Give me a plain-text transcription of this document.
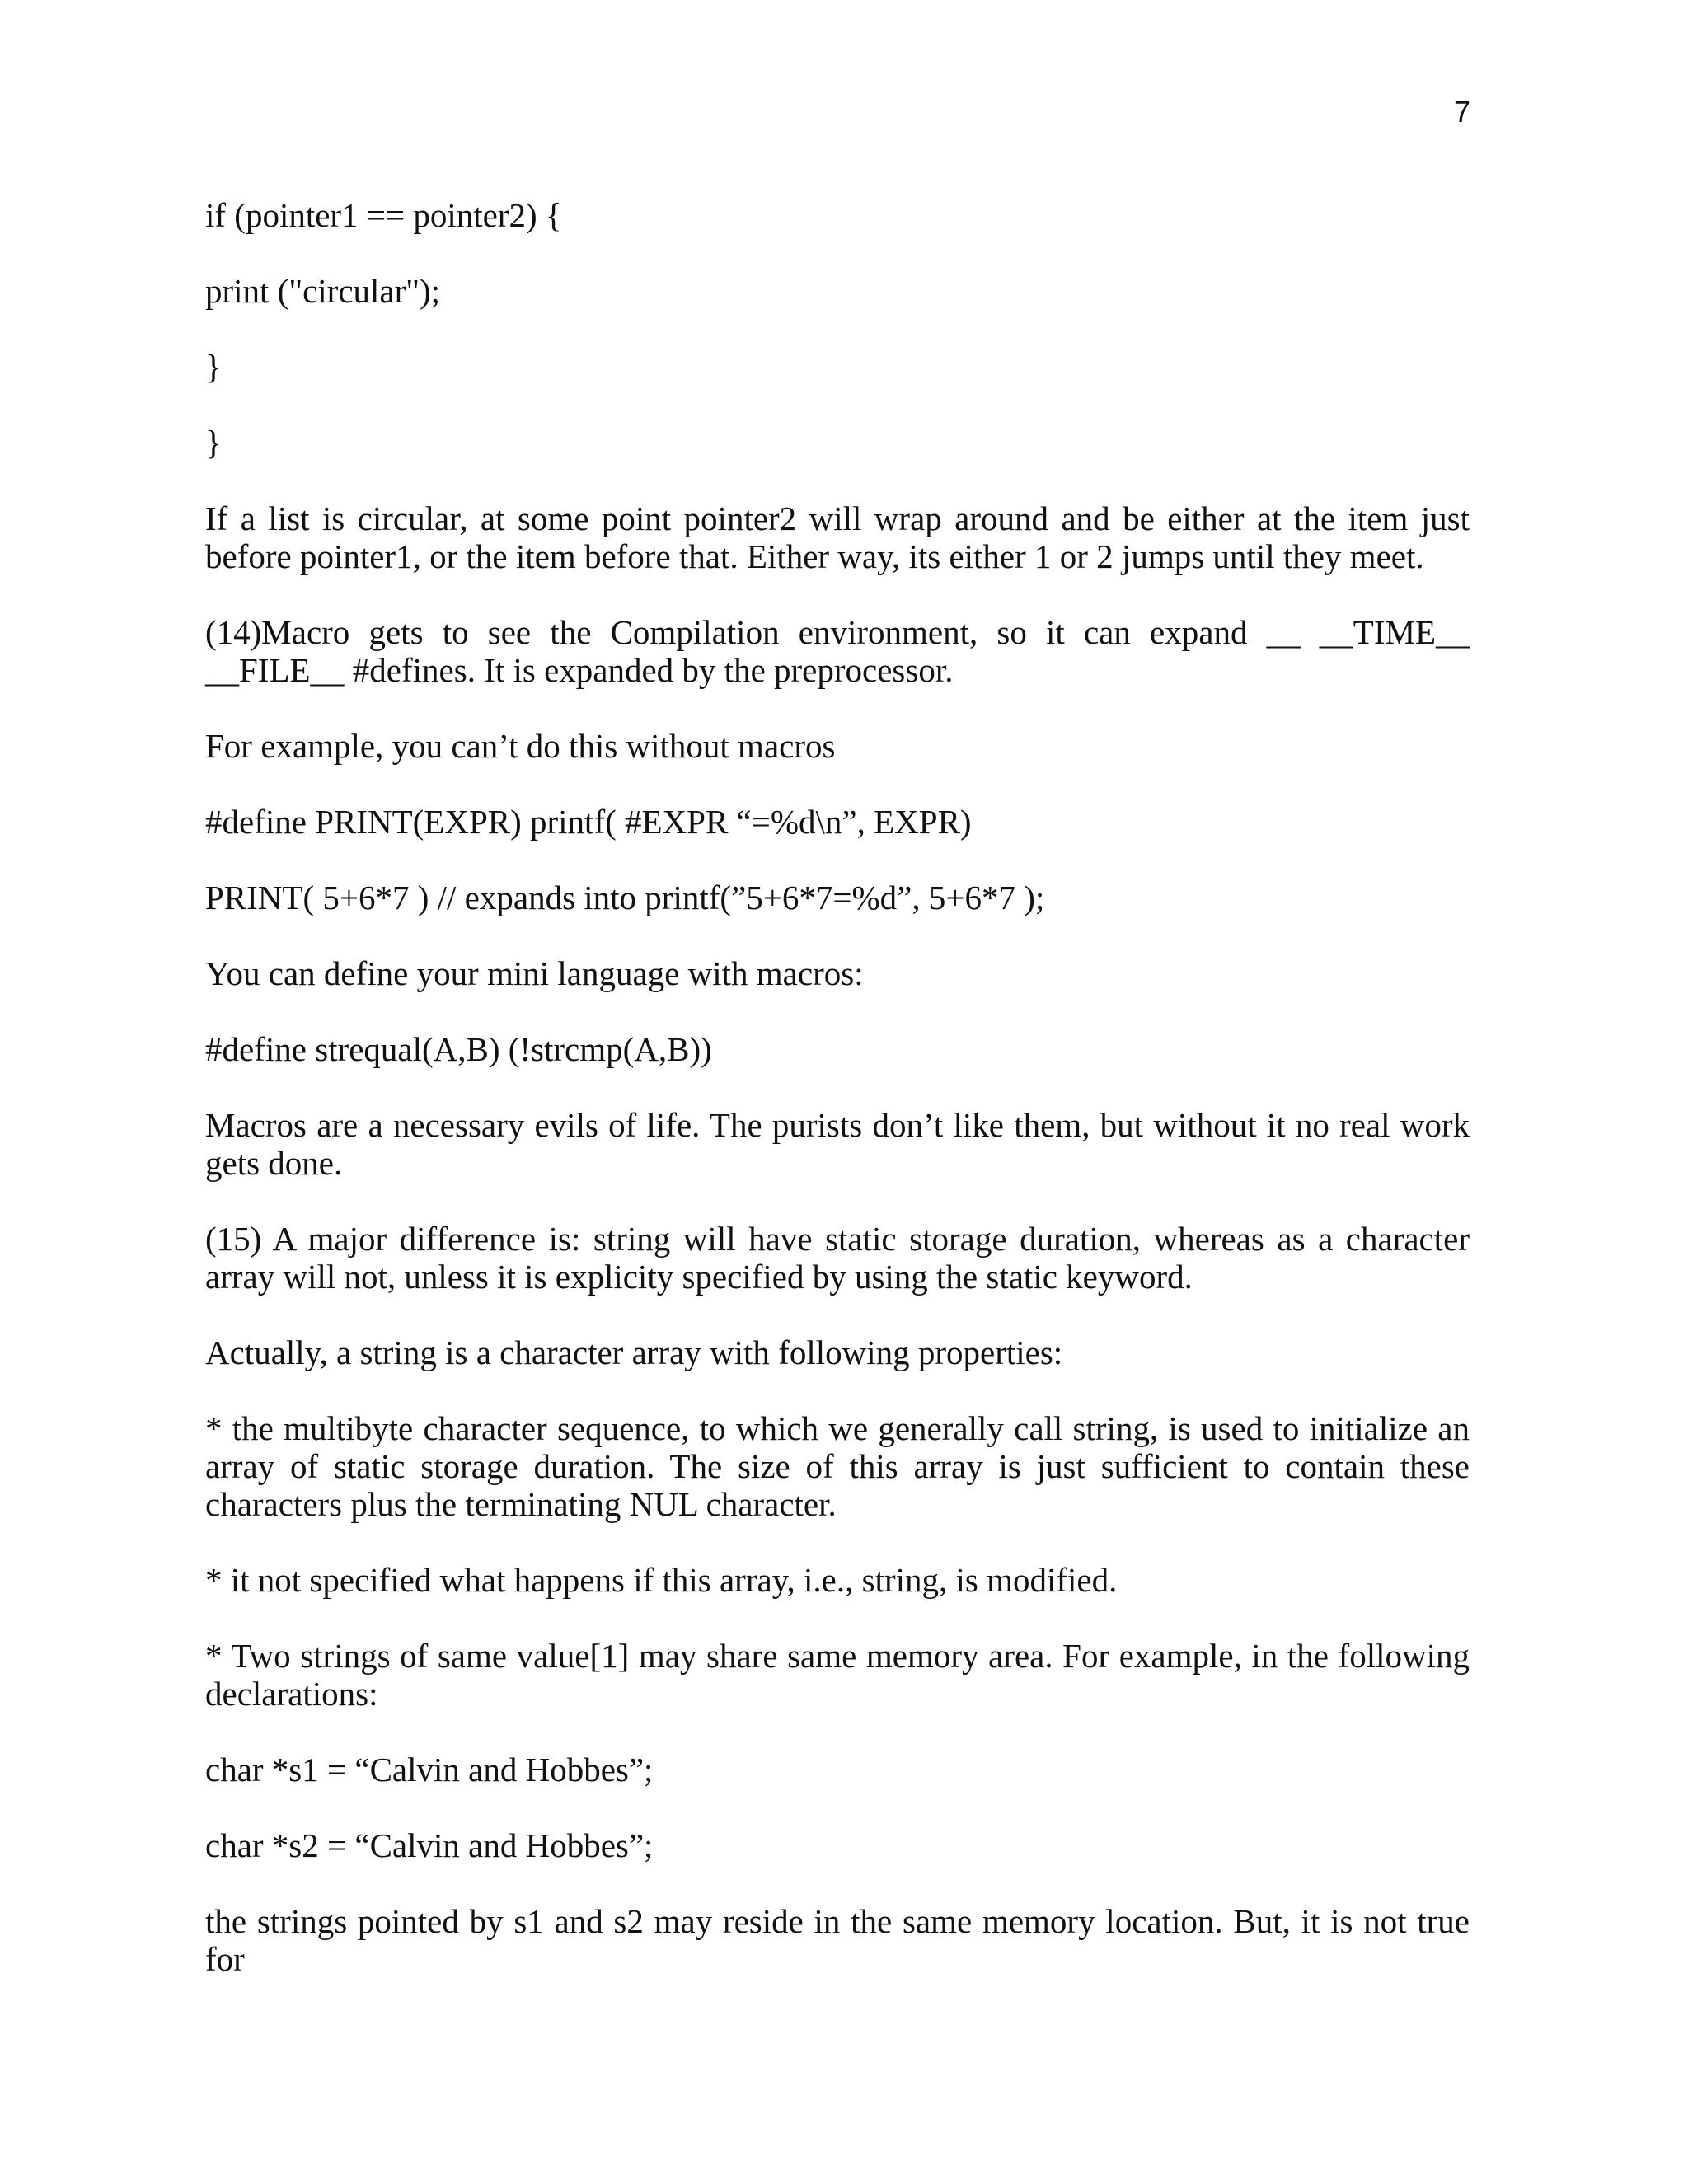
7

if (pointer1 == pointer2) {

print ("circular");

}

}

If a list is circular, at some point pointer2 will wrap around and be either at the item just before pointer1, or the item before that. Either way, its either 1 or 2 jumps until they meet.

(14)Macro gets to see the Compilation environment, so it can expand __ __TIME__ __FILE__ #defines. It is expanded by the preprocessor.

For example, you can’t do this without macros

#define PRINT(EXPR) printf( #EXPR “=%d\n”, EXPR)

PRINT( 5+6*7 ) // expands into printf(”5+6*7=%d”, 5+6*7 );

You can define your mini language with macros:

#define strequal(A,B) (!strcmp(A,B))

Macros are a necessary evils of life. The purists don’t like them, but without it no real work gets done.

(15) A major difference is: string will have static storage duration, whereas as a character array will not, unless it is explicity specified by using the static keyword.

Actually, a string is a character array with following properties:

* the multibyte character sequence, to which we generally call string, is used to initialize an array of static storage duration. The size of this array is just sufficient to contain these characters plus the terminating NUL character.

* it not specified what happens if this array, i.e., string, is modified.

* Two strings of same value[1] may share same memory area. For example, in the following declarations:

char *s1 = “Calvin and Hobbes”;

char *s2 = “Calvin and Hobbes”;

the strings pointed by s1 and s2 may reside in the same memory location. But, it is not true for
